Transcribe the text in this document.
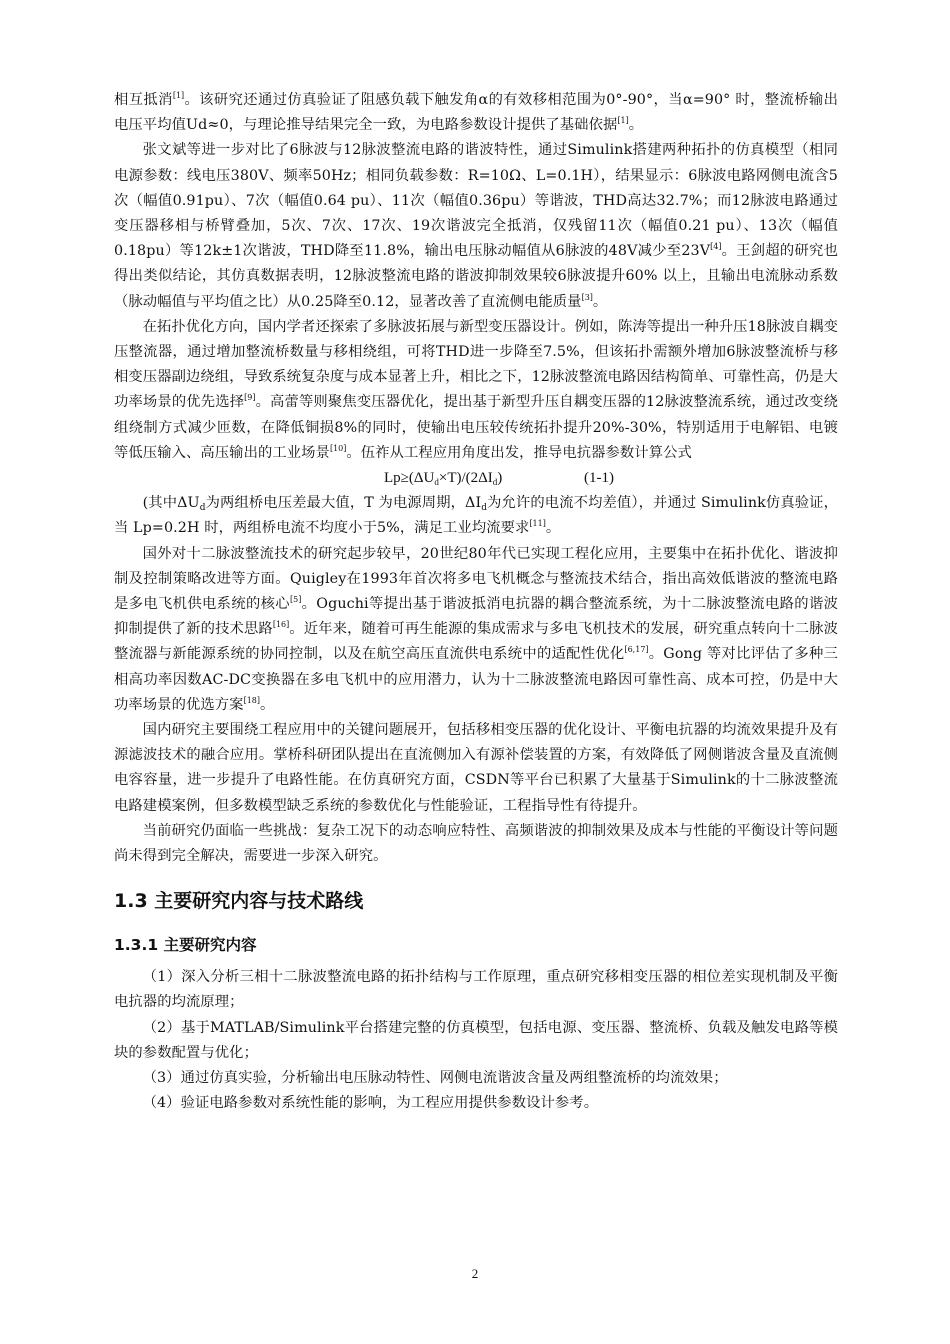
相互抵消[1]。该研究还通过仿真验证了阻感负载下触发角α的有效移相范围为0°-90°，当α=90° 时，整流桥输出电压平均值Ud≈0，与理论推导结果完全一致，为电路参数设计提供了基础依据[1]。

张文斌等进一步对比了6脉波与12脉波整流电路的谐波特性，通过Simulink搭建两种拓扑的仿真模型（相同电源参数：线电压380V、频率50Hz；相同负载参数：R=10Ω、L=0.1H），结果显示：6脉波电路网侧电流含5次（幅值0.91pu）、7次（幅值0.64 pu）、11次（幅值0.36pu）等谐波，THD高达32.7%；而12脉波电路通过变压器移相与桥臂叠加，5次、7次、17次、19次谐波完全抵消，仅残留11次（幅值0.21 pu）、13次（幅值0.18pu）等12k±1次谐波，THD降至11.8%，输出电压脉动幅值从6脉波的48V减少至23V[4]。王剑超的研究也得出类似结论，其仿真数据表明，12脉波整流电路的谐波抑制效果较6脉波提升60% 以上，且输出电流脉动系数（脉动幅值与平均值之比）从0.25降至0.12，显著改善了直流侧电能质量[3]。

在拓扑优化方向，国内学者还探索了多脉波拓展与新型变压器设计。例如，陈涛等提出一种升压18脉波自耦变压整流器，通过增加整流桥数量与移相绕组，可将THD进一步降至7.5%，但该拓扑需额外增加6脉波整流桥与移相变压器副边绕组，导致系统复杂度与成本显著上升，相比之下，12脉波整流电路因结构简单、可靠性高，仍是大功率场景的优先选择[9]。高蕾等则聚焦变压器优化，提出基于新型升压自耦变压器的12脉波整流系统，通过改变绕组绕制方式减少匝数，在降低铜损8%的同时，使输出电压较传统拓扑提升20%-30%，特别适用于电解铝、电镀等低压输入、高压输出的工业场景[10]。伍祚从工程应用角度出发，推导电抗器参数计算公式

$Lp\ge(\Delta U_d\times T)/(2\Delta I_d)$	(1-1)

(其中$\Delta U_d$为两组桥电压差最大值，T 为电源周期，$\Delta I_d$为允许的电流不均差值），并通过 Simulink仿真验证，当 Lp=0.2H 时，两组桥电流不均度小于5%，满足工业均流要求[11]。

国外对十二脉波整流技术的研究起步较早，20世纪80年代已实现工程化应用，主要集中在拓扑优化、谐波抑制及控制策略改进等方面。Quigley在1993年首次将多电飞机概念与整流技术结合，指出高效低谐波的整流电路是多电飞机供电系统的核心[5]。Oguchi等提出基于谐波抵消电抗器的耦合整流系统，为十二脉波整流电路的谐波抑制提供了新的技术思路[16]。近年来，随着可再生能源的集成需求与多电飞机技术的发展，研究重点转向十二脉波整流器与新能源系统的协同控制，以及在航空高压直流供电系统中的适配性优化[6,17]。Gong 等对比评估了多种三相高功率因数AC-DC变换器在多电飞机中的应用潜力，认为十二脉波整流电路因可靠性高、成本可控，仍是中大功率场景的优选方案[18]。

国内研究主要围绕工程应用中的关键问题展开，包括移相变压器的优化设计、平衡电抗器的均流效果提升及有源滤波技术的融合应用。掌桥科研团队提出在直流侧加入有源补偿装置的方案，有效降低了网侧谐波含量及直流侧电容容量，进一步提升了电路性能。在仿真研究方面，CSDN等平台已积累了大量基于Simulink的十二脉波整流电路建模案例，但多数模型缺乏系统的参数优化与性能验证，工程指导性有待提升。

当前研究仍面临一些挑战：复杂工况下的动态响应特性、高频谐波的抑制效果及成本与性能的平衡设计等问题尚未得到完全解决，需要进一步深入研究。

1.3 主要研究内容与技术路线
1.3.1 主要研究内容

（1）深入分析三相十二脉波整流电路的拓扑结构与工作原理，重点研究移相变压器的相位差实现机制及平衡电抗器的均流原理；

（2）基于MATLAB/Simulink平台搭建完整的仿真模型，包括电源、变压器、整流桥、负载及触发电路等模块的参数配置与优化；

（3）通过仿真实验，分析输出电压脉动特性、网侧电流谐波含量及两组整流桥的均流效果；

（4）验证电路参数对系统性能的影响，为工程应用提供参数设计参考。

2
